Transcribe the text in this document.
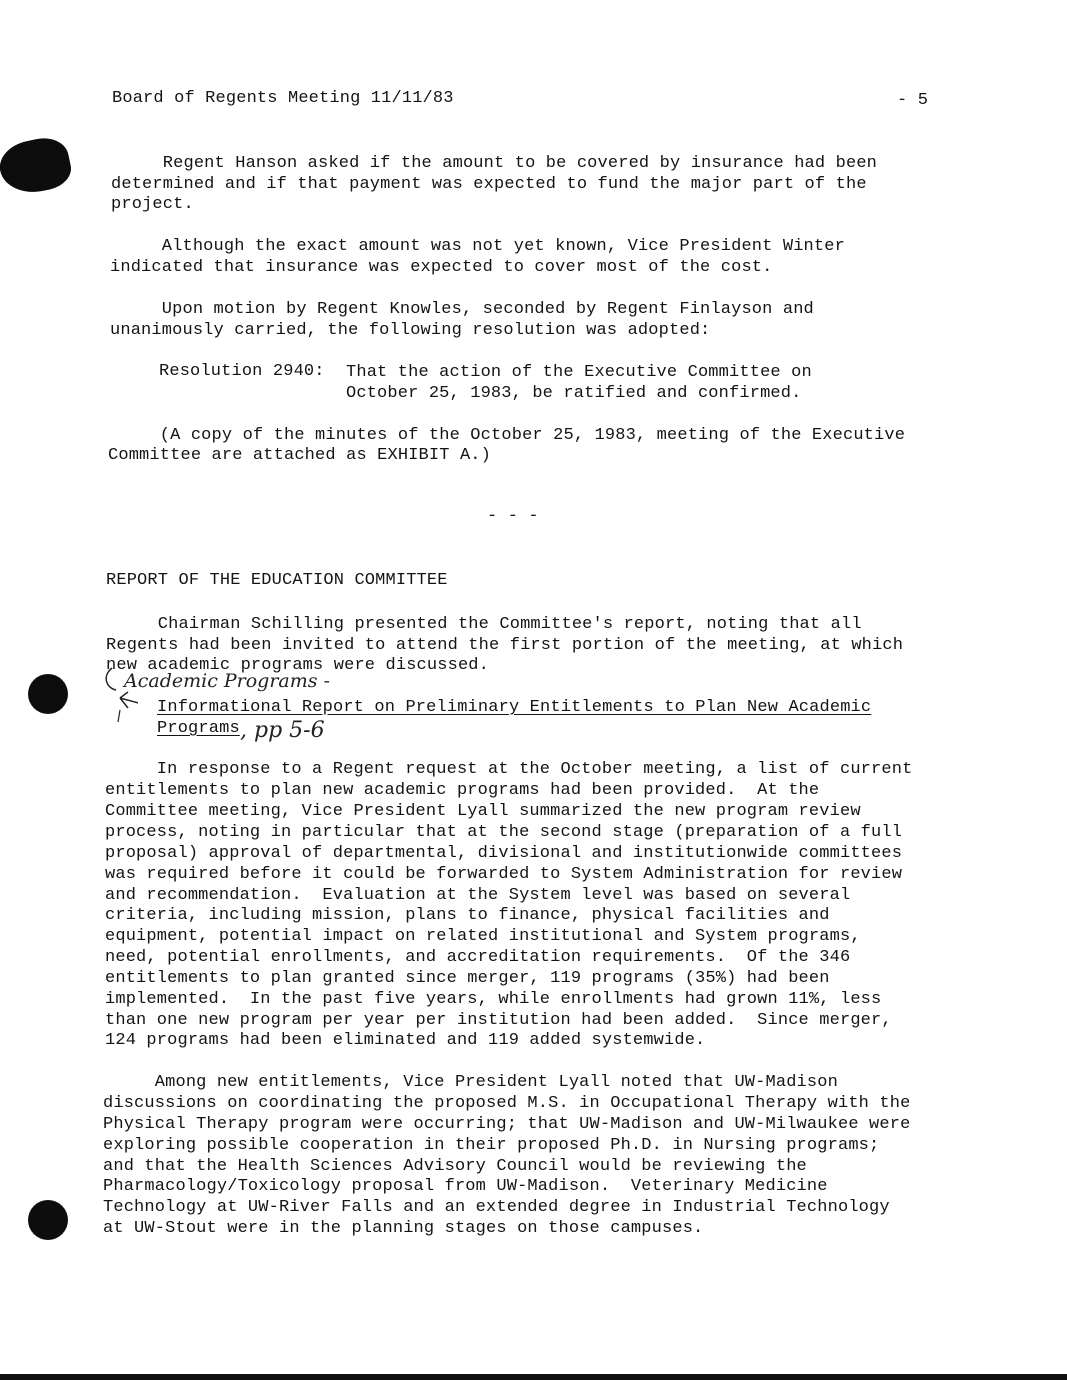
Board of Regents Meeting 11/11/83	- 5
Regent Hanson asked if the amount to be covered by insurance had been
determined and if that payment was expected to fund the major part of the
project.
Although the exact amount was not yet known, Vice President Winter
indicated that insurance was expected to cover most of the cost.
Upon motion by Regent Knowles, seconded by Regent Finlayson and
unanimously carried, the following resolution was adopted:
Resolution 2940: That the action of the Executive Committee on
October 25, 1983, be ratified and confirmed.
(A copy of the minutes of the October 25, 1983, meeting of the Executive
Committee are attached as EXHIBIT A.)
- - -
REPORT OF THE EDUCATION COMMITTEE
Chairman Schilling presented the Committee's report, noting that all
Regents had been invited to attend the first portion of the meeting, at which
new academic programs were discussed.
Academic Programs -
Informational Report on Preliminary Entitlements to Plan New Academic
Programs , pp 5-6
In response to a Regent request at the October meeting, a list of current
entitlements to plan new academic programs had been provided.  At the
Committee meeting, Vice President Lyall summarized the new program review
process, noting in particular that at the second stage (preparation of a full
proposal) approval of departmental, divisional and institutionwide committees
was required before it could be forwarded to System Administration for review
and recommendation.  Evaluation at the System level was based on several
criteria, including mission, plans to finance, physical facilities and
equipment, potential impact on related institutional and System programs,
need, potential enrollments, and accreditation requirements.  Of the 346
entitlements to plan granted since merger, 119 programs (35%) had been
implemented.  In the past five years, while enrollments had grown 11%, less
than one new program per year per institution had been added.  Since merger,
124 programs had been eliminated and 119 added systemwide.
Among new entitlements, Vice President Lyall noted that UW-Madison
discussions on coordinating the proposed M.S. in Occupational Therapy with the
Physical Therapy program were occurring; that UW-Madison and UW-Milwaukee were
exploring possible cooperation in their proposed Ph.D. in Nursing programs;
and that the Health Sciences Advisory Council would be reviewing the
Pharmacology/Toxicology proposal from UW-Madison.  Veterinary Medicine
Technology at UW-River Falls and an extended degree in Industrial Technology
at UW-Stout were in the planning stages on those campuses.
